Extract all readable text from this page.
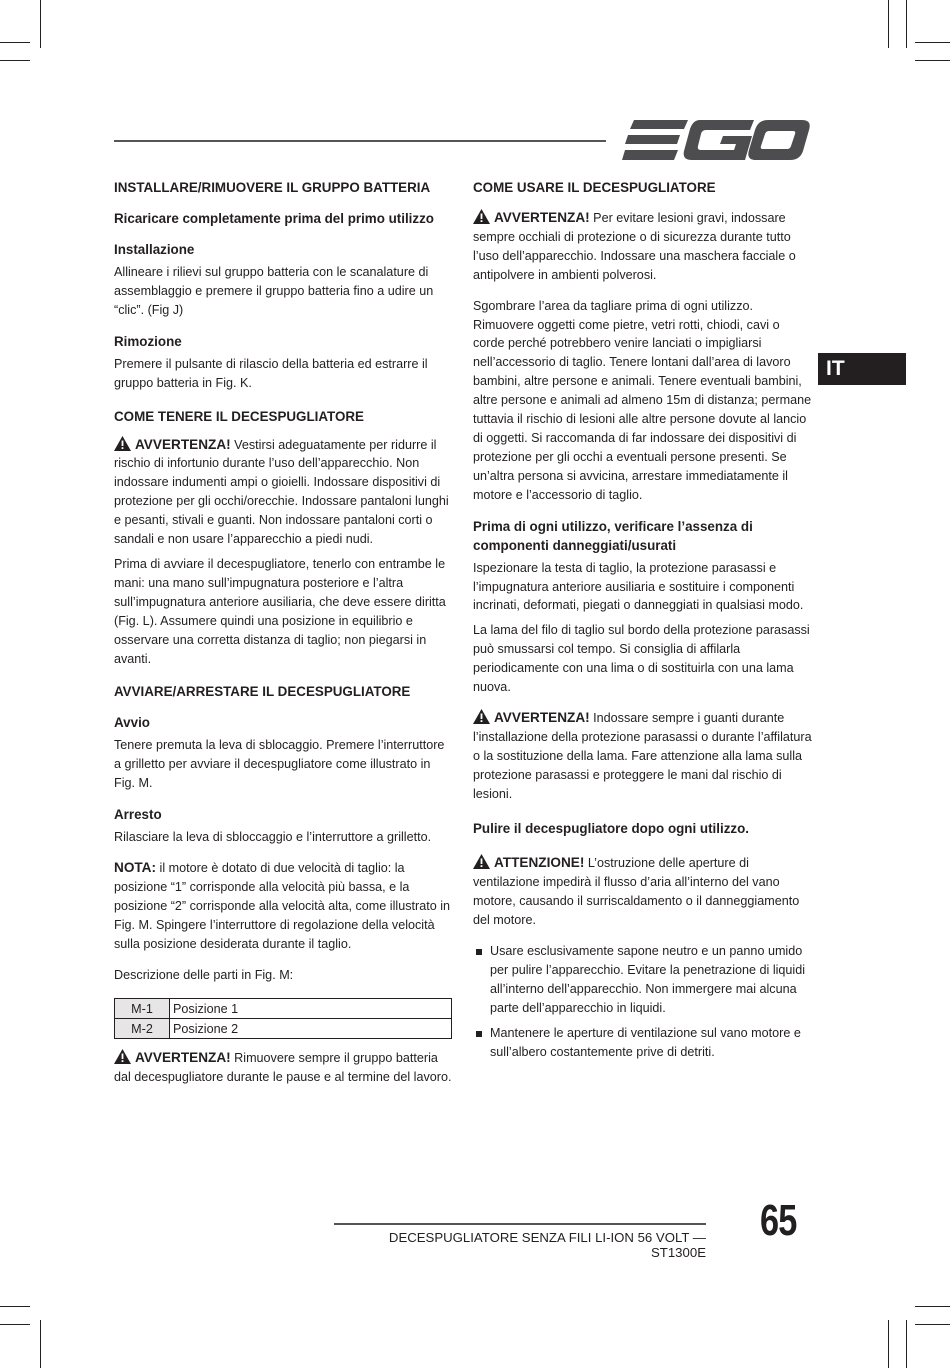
IT

INSTALLARE/RIMUOVERE IL GRUPPO BATTERIA

Ricaricare completamente prima del primo utilizzo

Installazione

Allineare i rilievi sul gruppo batteria con le scanalature di assemblaggio e premere il gruppo batteria fino a udire un “clic”. (Fig J)

Rimozione

Premere il pulsante di rilascio della batteria ed estrarre il gruppo batteria in Fig. K.

COME TENERE IL DECESPUGLIATORE

AVVERTENZA! Vestirsi adeguatamente per ridurre il rischio di infortunio durante l’uso dell’apparecchio. Non indossare indumenti ampi o gioielli. Indossare dispositivi di protezione per gli occhi/orecchie. Indossare pantaloni lunghi e pesanti, stivali e guanti. Non indossare pantaloni corti o sandali e non usare l’apparecchio a piedi nudi.

Prima di avviare il decespugliatore, tenerlo con entrambe le mani: una mano sull’impugnatura posteriore e l’altra sull’impugnatura anteriore ausiliaria, che deve essere diritta (Fig. L). Assumere quindi una posizione in equilibrio e osservare una corretta distanza di taglio; non piegarsi in avanti.

AVVIARE/ARRESTARE IL DECESPUGLIATORE

Avvio

Tenere premuta la leva di sblocaggio. Premere l’interruttore a grilletto per avviare il decespugliatore come illustrato in Fig. M.

Arresto

Rilasciare la leva di sbloccaggio e l’interruttore a grilletto.

NOTA: il motore è dotato di due velocità di taglio: la posizione “1” corrisponde alla velocità più bassa, e la posizione “2” corrisponde alla velocità alta, come illustrato in Fig. M. Spingere l’interruttore di regolazione della velocità sulla posizione desiderata durante il taglio.

Descrizione delle parti in Fig. M:

M-1	Posizione 1
M-2	Posizione 2

AVVERTENZA! Rimuovere sempre il gruppo batteria dal decespugliatore durante le pause e al termine del lavoro.

COME USARE IL DECESPUGLIATORE

AVVERTENZA! Per evitare lesioni gravi, indossare sempre occhiali di protezione o di sicurezza durante tutto l’uso dell’apparecchio. Indossare una maschera facciale o antipolvere in ambienti polverosi.

Sgombrare l’area da tagliare prima di ogni utilizzo. Rimuovere oggetti come pietre, vetri rotti, chiodi, cavi o corde perché potrebbero venire lanciati o impigliarsi nell’accessorio di taglio. Tenere lontani dall’area di lavoro bambini, altre persone e animali. Tenere eventuali bambini, altre persone e animali ad almeno 15m di distanza; permane tuttavia il rischio di lesioni alle altre persone dovute al lancio di oggetti. Si raccomanda di far indossare dei dispositivi di protezione per gli occhi a eventuali persone presenti. Se un’altra persona si avvicina, arrestare immediatamente il motore e l’accessorio di taglio.

Prima di ogni utilizzo, verificare l’assenza di componenti danneggiati/usurati

Ispezionare la testa di taglio, la protezione parasassi e l’impugnatura anteriore ausiliaria e sostituire i componenti incrinati, deformati, piegati o danneggiati in qualsiasi modo.

La lama del filo di taglio sul bordo della protezione parasassi può smussarsi col tempo. Si consiglia di affilarla periodicamente con una lima o di sostituirla con una lama nuova.

AVVERTENZA! Indossare sempre i guanti durante l’installazione della protezione parasassi o durante l’affilatura o la sostituzione della lama. Fare attenzione alla lama sulla protezione parasassi e proteggere le mani dal rischio di lesioni.

Pulire il decespugliatore dopo ogni utilizzo.

ATTENZIONE! L’ostruzione delle aperture di ventilazione impedirà il flusso d’aria all’interno del vano motore, causando il surriscaldamento o il danneggiamento del motore.

Usare esclusivamente sapone neutro e un panno umido per pulire l’apparecchio. Evitare la penetrazione di liquidi all’interno dell’apparecchio. Non immergere mai alcuna parte dell’apparecchio in liquidi.
Mantenere le aperture di ventilazione sul vano motore e sull’albero costantemente prive di detriti.
DECESPUGLIATORE SENZA FILI LI-ION 56 VOLT — ST1300E
65
